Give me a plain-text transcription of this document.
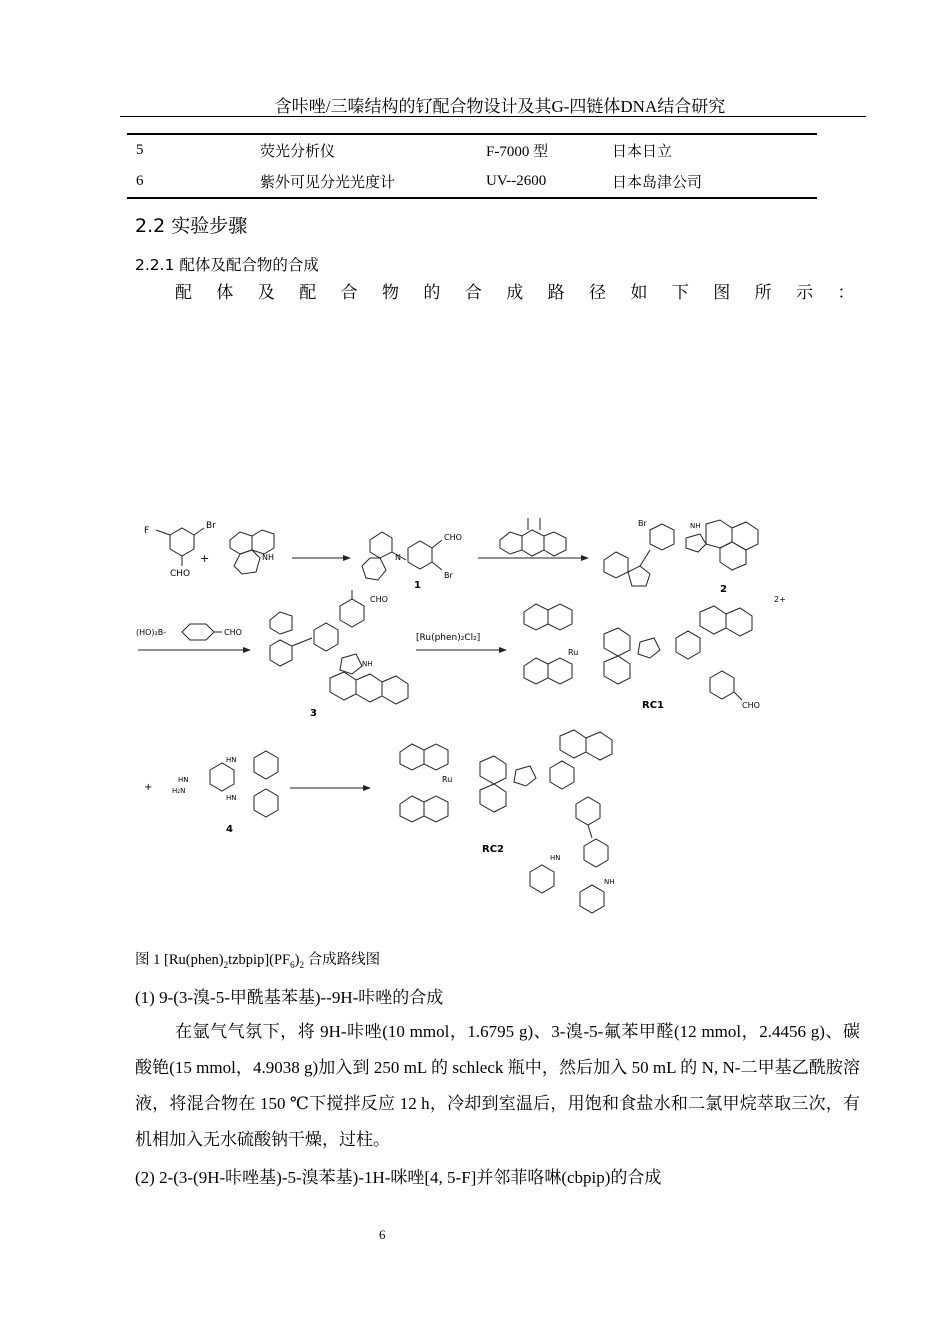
含咔唑/三嗪结构的钌配合物设计及其G-四链体DNA结合研究
5	荧光分析仪	F-7000 型	日本日立
6	紫外可见分光光度计	UV--2600	日本岛津公司
2.2 实验步骤
2.2.1 配体及配合物的合成
配 体 及 配 合 物 的 合 成 路 径 如 下 图 所 示 ：
F	Br
CHO
+	NH	N
CHO
Br
1
Br	NH
2
(HO)₂B-	CHO
CHO
NH
3
[Ru(phen)₂Cl₂]
Ru
CHO
2+
RC1
+
HN
HN
HN
H₂N
4
Ru
HN
NH
RC2
图 1 $[Ru(phen)_2tzbpip](PF_6)_2$ 合成路线图
(1) 9-(3-溴-5-甲酰基苯基)--9H-咔唑的合成
在氩气气氛下，将 9H-咔唑(10 mmol，1.6795 g)、3-溴-5-氟苯甲醛(12 mmol，2.4456 g)、碳酸铯(15 mmol，4.9038 g)加入到 250 mL 的 schleck 瓶中，然后加入 50 mL 的 N, N-二甲基乙酰胺溶液，将混合物在 150 ℃下搅拌反应 12 h，冷却到室温后，用饱和食盐水和二氯甲烷萃取三次，有机相加入无水硫酸钠干燥，过柱。
(2) 2-(3-(9H-咔唑基)-5-溴苯基)-1H-咪唑[4, 5-F]并邻菲咯啉(cbpip)的合成
6
